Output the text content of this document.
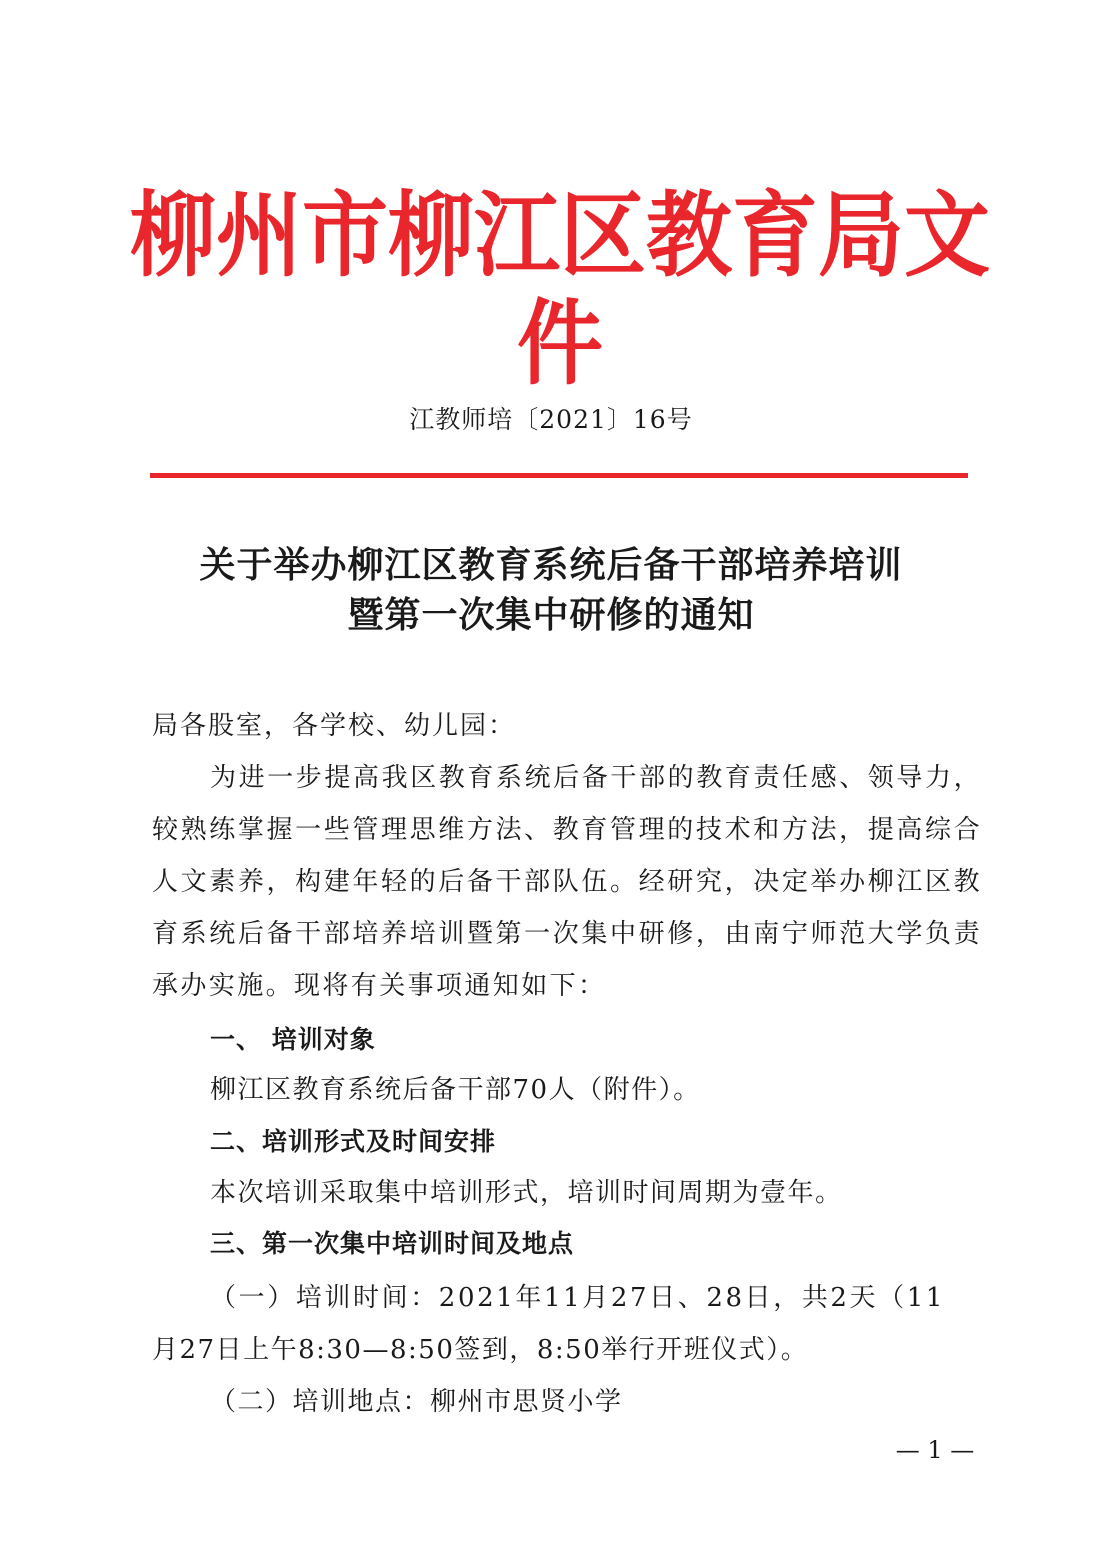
柳州市柳江区教育局文件
江教师培〔2021〕16号
关于举办柳江区教育系统后备干部培养培训
暨第一次集中研修的通知
局各股室，各学校、幼儿园：
为进一步提高我区教育系统后备干部的教育责任感、领导力，较熟练掌握一些管理思维方法、教育管理的技术和方法，提高综合人文素养，构建年轻的后备干部队伍。经研究，决定举办柳江区教育系统后备干部培养培训暨第一次集中研修，由南宁师范大学负责承办实施。现将有关事项通知如下：
一、 培训对象
柳江区教育系统后备干部70人（附件）。
二、培训形式及时间安排
本次培训采取集中培训形式，培训时间周期为壹年。
三、第一次集中培训时间及地点
（一）培训时间：2021年11月27日、28日，共2天（11
月27日上午8:30—8:50签到，8:50举行开班仪式）。
（二）培训地点：柳州市思贤小学
— 1 —
